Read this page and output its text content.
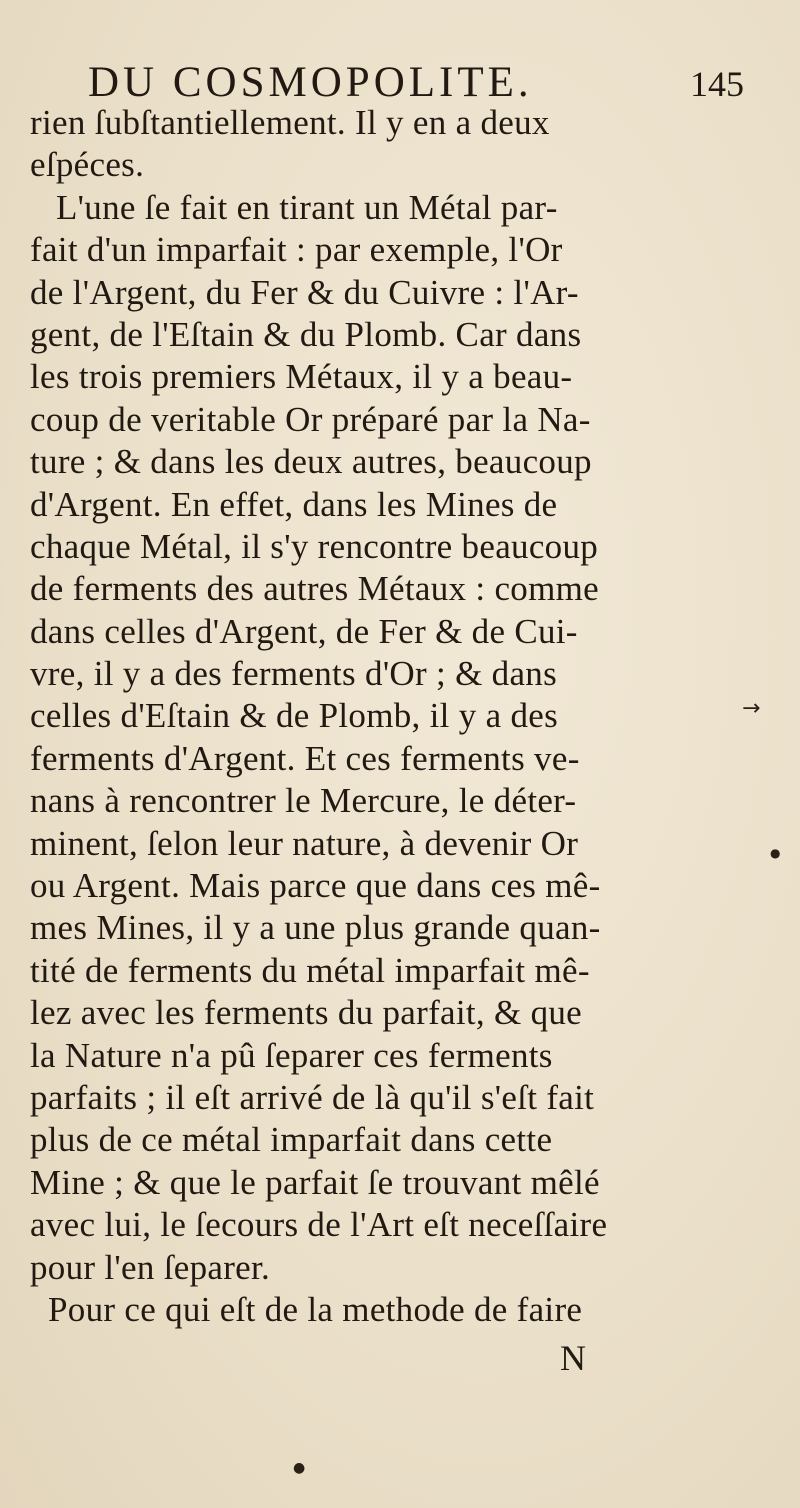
DU COSMOPOLITE.	145
rien ſubſtantiellement. Il y en a deux
eſpéces.
L'une ſe fait en tirant un Métal par-
fait d'un imparfait : par exemple, l'Or
de l'Argent, du Fer & du Cuivre : l'Ar-
gent, de l'Eſtain & du Plomb. Car dans
les trois premiers Métaux, il y a beau-
coup de veritable Or préparé par la Na-
ture ; & dans les deux autres, beaucoup
d'Argent. En effet, dans les Mines de
chaque Métal, il s'y rencontre beaucoup
de ferments des autres Métaux : comme
dans celles d'Argent, de Fer & de Cui-
vre, il y a des ferments d'Or ; & dans
celles d'Eſtain & de Plomb, il y a des
ferments d'Argent. Et ces ferments ve-
nans à rencontrer le Mercure, le déter-
minent, ſelon leur nature, à devenir Or
ou Argent. Mais parce que dans ces mê-
mes Mines, il y a une plus grande quan-
tité de ferments du métal imparfait mê-
lez avec les ferments du parfait, & que
la Nature n'a pû ſeparer ces ferments
parfaits ; il eſt arrivé de là qu'il s'eſt fait
plus de ce métal imparfait dans cette
Mine ; & que le parfait ſe trouvant mêlé
avec lui, le ſecours de l'Art eſt neceſſaire
pour l'en ſeparer.
Pour ce qui eſt de la methode de faire
N
→
●
●
